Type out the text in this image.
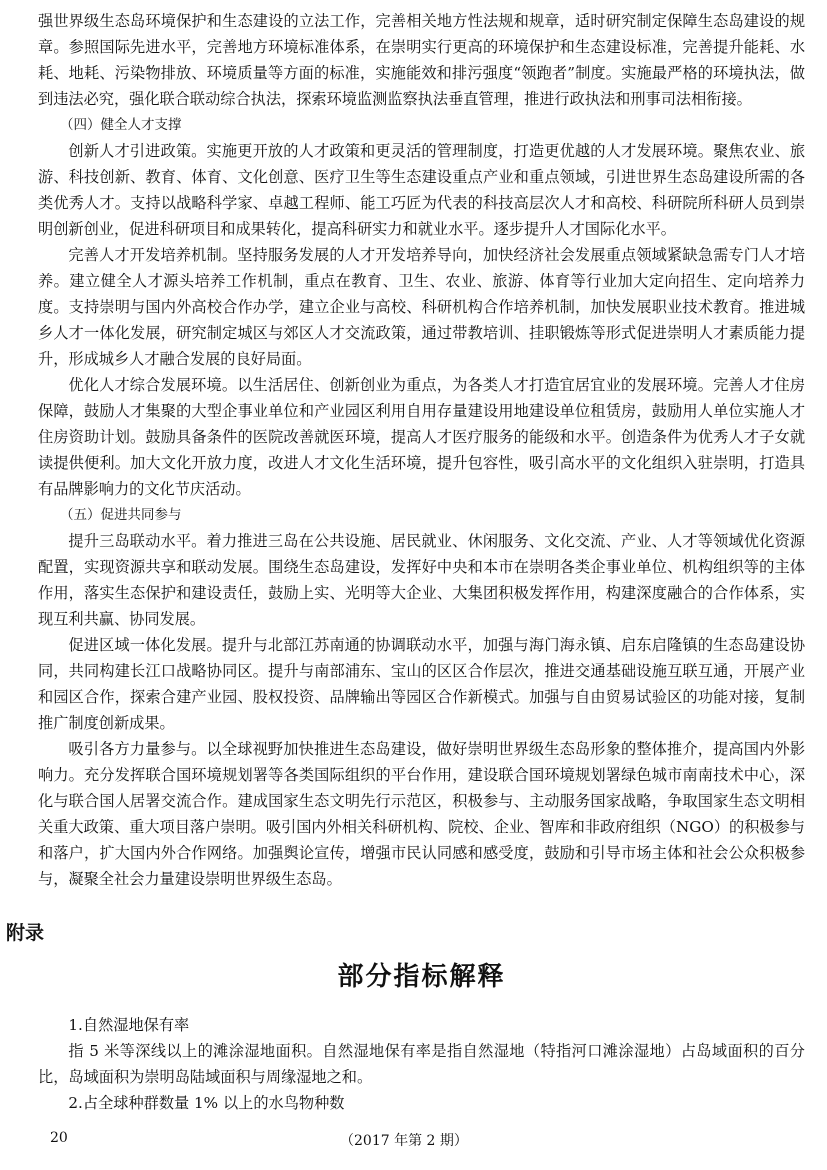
强世界级生态岛环境保护和生态建设的立法工作，完善相关地方性法规和规章，适时研究制定保障生态岛建设的规章。参照国际先进水平，完善地方环境标准体系，在崇明实行更高的环境保护和生态建设标准，完善提升能耗、水耗、地耗、污染物排放、环境质量等方面的标准，实施能效和排污强度“领跑者”制度。实施最严格的环境执法，做到违法必究，强化联合联动综合执法，探索环境监测监察执法垂直管理，推进行政执法和刑事司法相衔接。

（四）健全人才支撑

创新人才引进政策。实施更开放的人才政策和更灵活的管理制度，打造更优越的人才发展环境。聚焦农业、旅游、科技创新、教育、体育、文化创意、医疗卫生等生态建设重点产业和重点领域，引进世界生态岛建设所需的各类优秀人才。支持以战略科学家、卓越工程师、能工巧匠为代表的科技高层次人才和高校、科研院所科研人员到崇明创新创业，促进科研项目和成果转化，提高科研实力和就业水平。逐步提升人才国际化水平。

完善人才开发培养机制。坚持服务发展的人才开发培养导向，加快经济社会发展重点领域紧缺急需专门人才培养。建立健全人才源头培养工作机制，重点在教育、卫生、农业、旅游、体育等行业加大定向招生、定向培养力度。支持崇明与国内外高校合作办学，建立企业与高校、科研机构合作培养机制，加快发展职业技术教育。推进城乡人才一体化发展，研究制定城区与郊区人才交流政策，通过带教培训、挂职锻炼等形式促进崇明人才素质能力提升，形成城乡人才融合发展的良好局面。

优化人才综合发展环境。以生活居住、创新创业为重点，为各类人才打造宜居宜业的发展环境。完善人才住房保障，鼓励人才集聚的大型企事业单位和产业园区利用自用存量建设用地建设单位租赁房，鼓励用人单位实施人才住房资助计划。鼓励具备条件的医院改善就医环境，提高人才医疗服务的能级和水平。创造条件为优秀人才子女就读提供便利。加大文化开放力度，改进人才文化生活环境，提升包容性，吸引高水平的文化组织入驻崇明，打造具有品牌影响力的文化节庆活动。

（五）促进共同参与

提升三岛联动水平。着力推进三岛在公共设施、居民就业、休闲服务、文化交流、产业、人才等领域优化资源配置，实现资源共享和联动发展。围绕生态岛建设，发挥好中央和本市在崇明各类企事业单位、机构组织等的主体作用，落实生态保护和建设责任，鼓励上实、光明等大企业、大集团积极发挥作用，构建深度融合的合作体系，实现互利共赢、协同发展。

促进区域一体化发展。提升与北部江苏南通的协调联动水平，加强与海门海永镇、启东启隆镇的生态岛建设协同，共同构建长江口战略协同区。提升与南部浦东、宝山的区区合作层次，推进交通基础设施互联互通，开展产业和园区合作，探索合建产业园、股权投资、品牌输出等园区合作新模式。加强与自由贸易试验区的功能对接，复制推广制度创新成果。

吸引各方力量参与。以全球视野加快推进生态岛建设，做好崇明世界级生态岛形象的整体推介，提高国内外影响力。充分发挥联合国环境规划署等各类国际组织的平台作用，建设联合国环境规划署绿色城市南南技术中心，深化与联合国人居署交流合作。建成国家生态文明先行示范区，积极参与、主动服务国家战略，争取国家生态文明相关重大政策、重大项目落户崇明。吸引国内外相关科研机构、院校、企业、智库和非政府组织（NGO）的积极参与和落户，扩大国内外合作网络。加强舆论宣传，增强市民认同感和感受度，鼓励和引导市场主体和社会公众积极参与，凝聚全社会力量建设崇明世界级生态岛。

附录
部分指标解释

1.自然湿地保有率

指 5 米等深线以上的滩涂湿地面积。自然湿地保有率是指自然湿地（特指河口滩涂湿地）占岛域面积的百分比，岛域面积为崇明岛陆域面积与周缘湿地之和。

2.占全球种群数量 1% 以上的水鸟物种数

20	（2017 年第 2 期）
